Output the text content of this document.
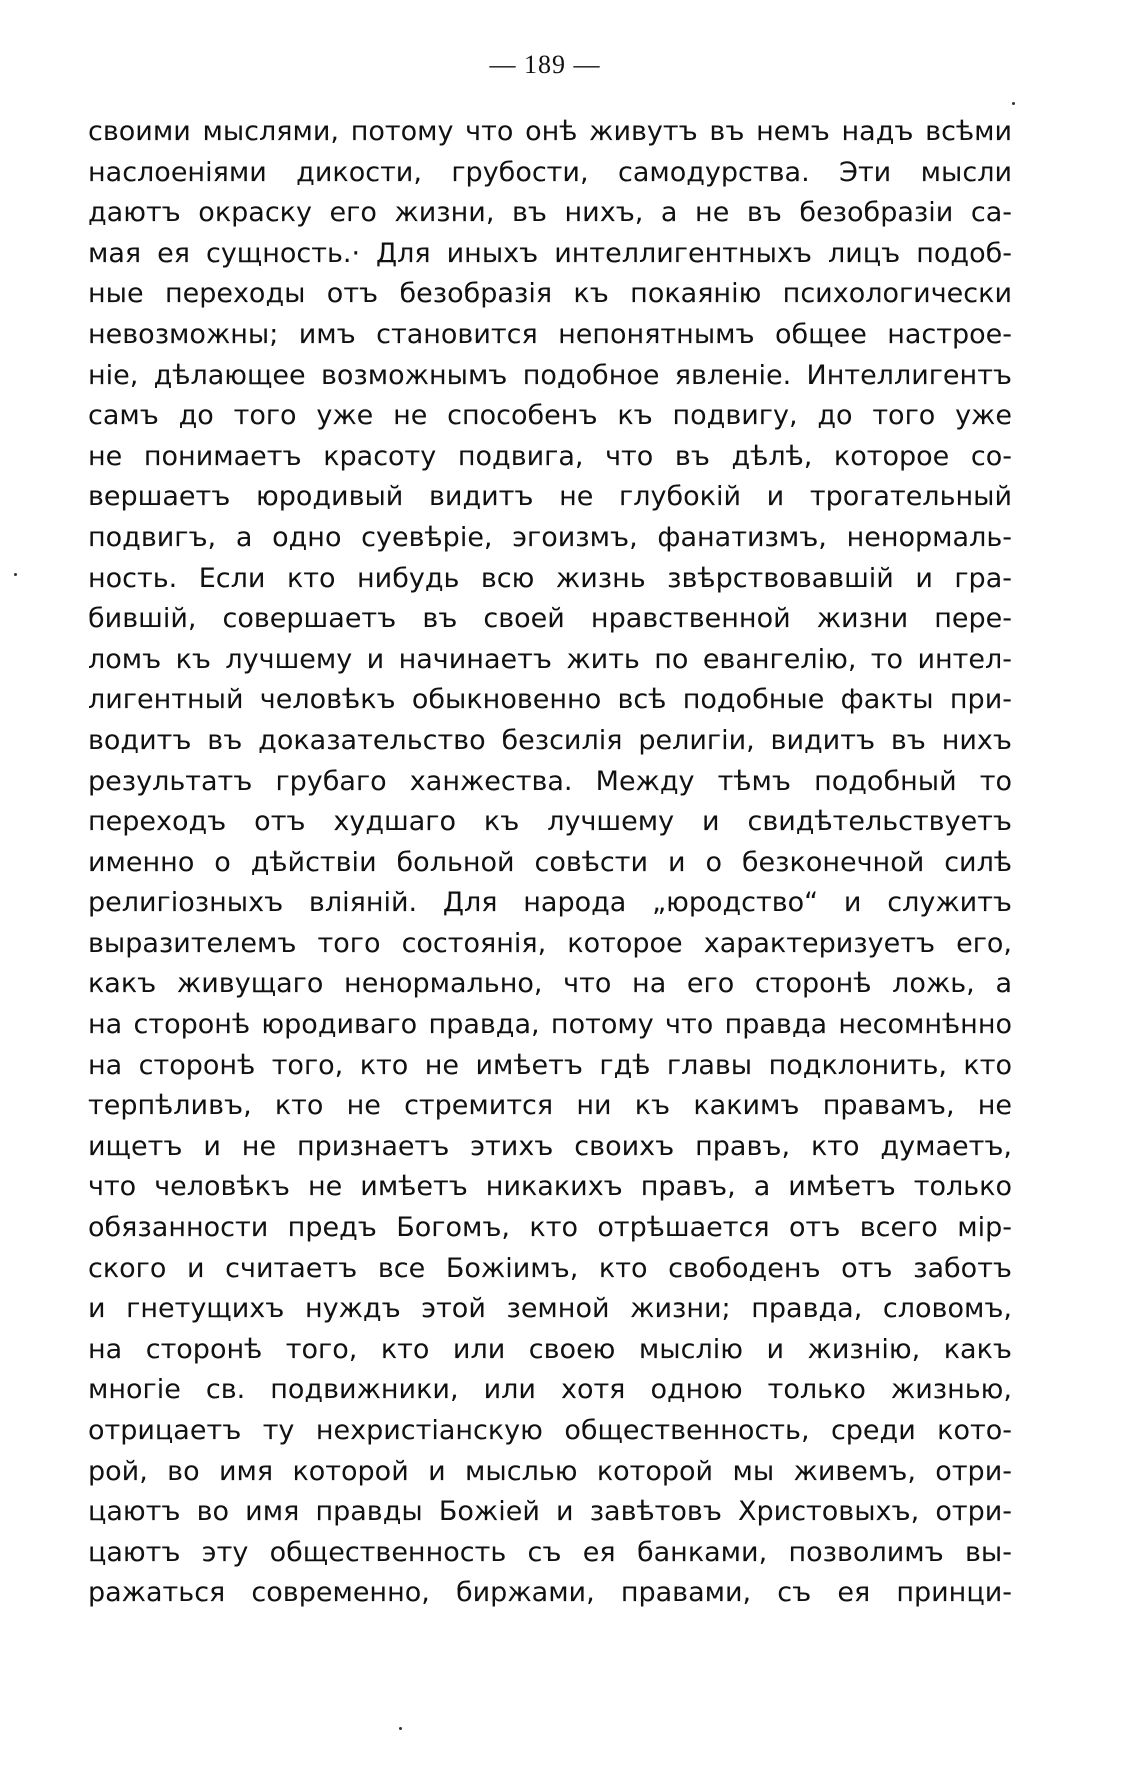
— 189 —
своими мыслями, потому что онѣ живутъ въ немъ надъ всѣми
наслоеніями дикости, грубости, самодурства. Эти мысли
даютъ окраску его жизни, въ нихъ, а не въ безобразіи са-
мая ея сущность.· Для иныхъ интеллигентныхъ лицъ подоб-
ные переходы отъ безобразія къ покаянію психологически
невозможны; имъ становится непонятнымъ общее настрое-
ніе, дѣлающее возможнымъ подобное явленіе. Интеллигентъ
самъ до того уже не способенъ къ подвигу, до того уже
не понимаетъ красоту подвига, что въ дѣлѣ, которое со-
вершаетъ юродивый видитъ не глубокій и трогательный
подвигъ, а одно суевѣріе, эгоизмъ, фанатизмъ, ненормаль-
ность. Если кто нибудь всю жизнь звѣрствовавшій и гра-
бившій, совершаетъ въ своей нравственной жизни пере-
ломъ къ лучшему и начинаетъ жить по евангелію, то интел-
лигентный человѣкъ обыкновенно всѣ подобные факты при-
водитъ въ доказательство безсилія религіи, видитъ въ нихъ
результатъ грубаго ханжества. Между тѣмъ подобный то
переходъ отъ худшаго къ лучшему и свидѣтельствуетъ
именно о дѣйствіи больной совѣсти и о безконечной силѣ
религіозныхъ вліяній. Для народа „юродство“ и служитъ
выразителемъ того состоянія, которое характеризуетъ его,
какъ живущаго ненормально, что на его сторонѣ ложь, а
на сторонѣ юродиваго правда, потому что правда несомнѣнно
на сторонѣ того, кто не имѣетъ гдѣ главы подклонить, кто
терпѣливъ, кто не стремится ни къ какимъ правамъ, не
ищетъ и не признаетъ этихъ своихъ правъ, кто думаетъ,
что человѣкъ не имѣетъ никакихъ правъ, а имѣетъ только
обязанности предъ Богомъ, кто отрѣшается отъ всего мір-
ского и считаетъ все Божіимъ, кто свободенъ отъ заботъ
и гнетущихъ нуждъ этой земной жизни; правда, словомъ,
на сторонѣ того, кто или своею мыслію и жизнію, какъ
многіе св. подвижники, или хотя одною только жизнью,
отрицаетъ ту нехристіанскую общественность, среди кото-
рой, во имя которой и мыслью которой мы живемъ, отри-
цаютъ во имя правды Божіей и завѣтовъ Христовыхъ, отри-
цаютъ эту общественность съ ея банками, позволимъ вы-
ражаться современно, биржами, правами, съ ея принци-
